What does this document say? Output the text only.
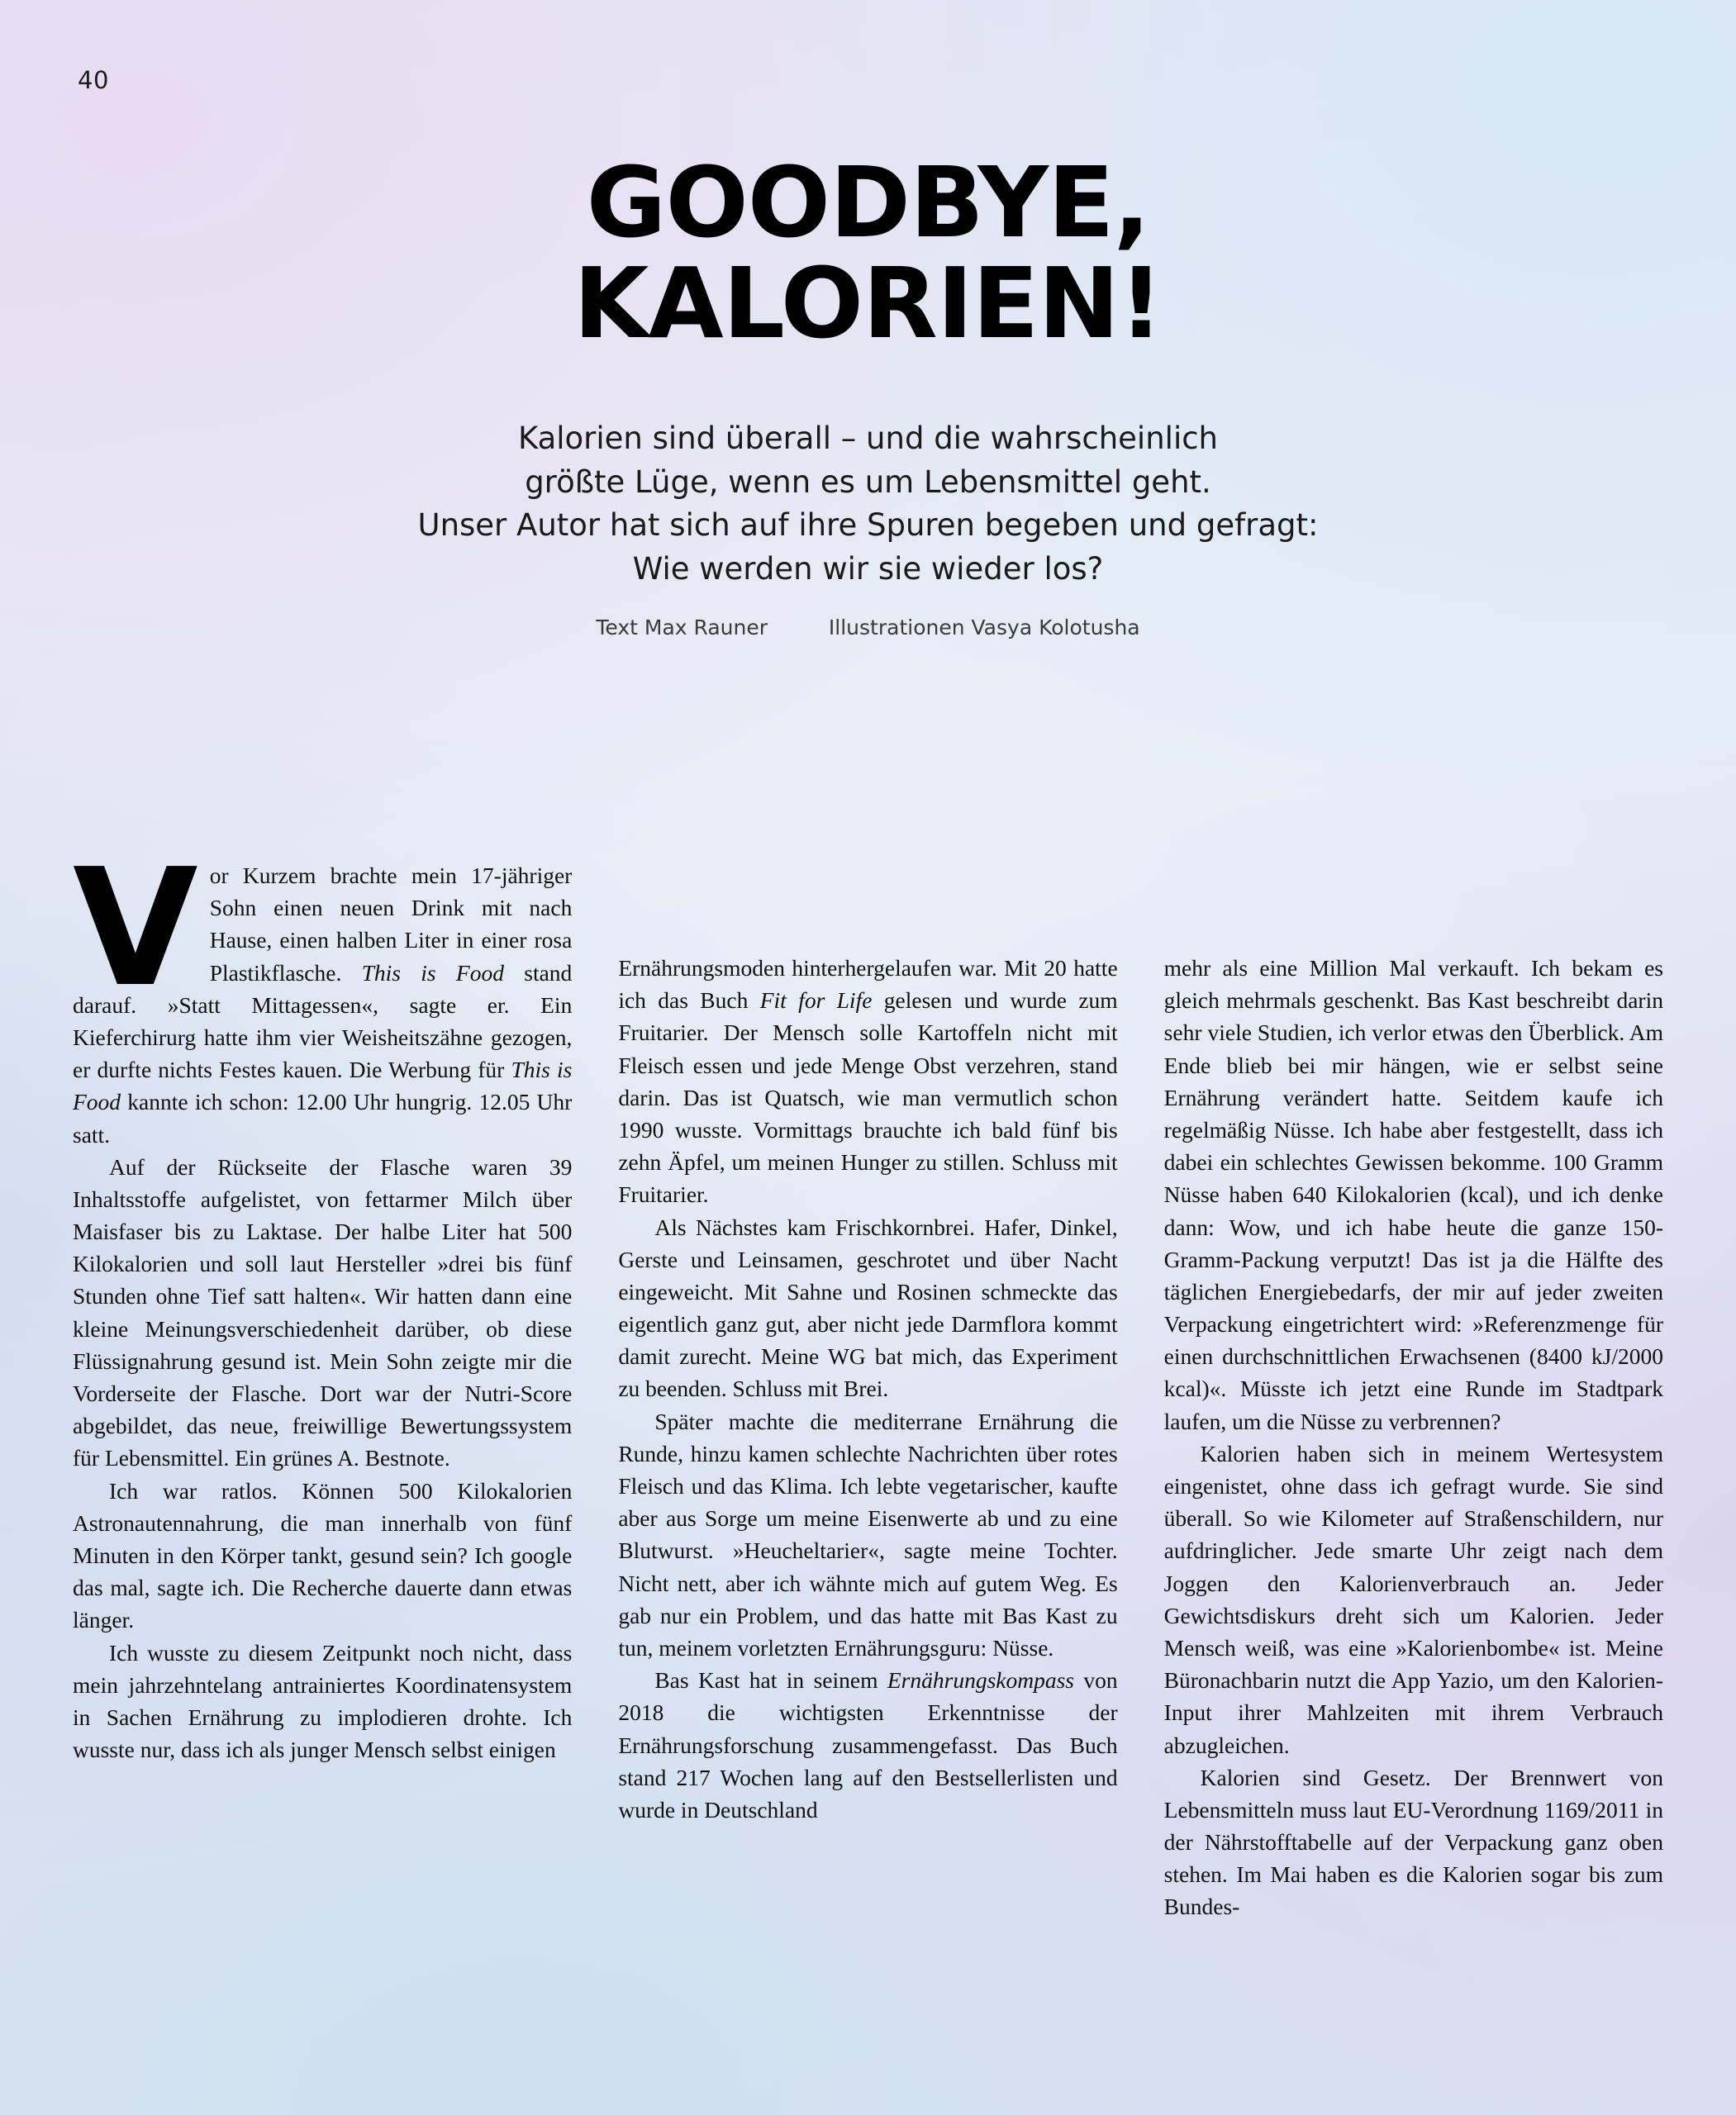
40
GOODBYE,
KALORIEN!
Kalorien sind überall – und die wahrscheinlich
größte Lüge, wenn es um Lebensmittel geht.
Unser Autor hat sich auf ihre Spuren begeben und gefragt:
Wie werden wir sie wieder los?
Text Max Rauner	Illustrationen Vasya Kolotusha
V or Kurzem brachte mein 17-jähriger Sohn einen neuen Drink mit nach Hause, einen halben Liter in einer rosa Plastikflasche. This is Food stand darauf. »Statt Mittagessen«, sagte er. Ein Kieferchirurg hatte ihm vier Weisheitszähne gezogen, er durfte nichts Festes kauen. Die Werbung für This is Food kannte ich schon: 12.00 Uhr hungrig. 12.05 Uhr satt.

Auf der Rückseite der Flasche waren 39 Inhaltsstoffe aufgelistet, von fettarmer Milch über Maisfaser bis zu Laktase. Der halbe Liter hat 500 Kilokalorien und soll laut Hersteller »drei bis fünf Stunden ohne Tief satt halten«. Wir hatten dann eine kleine Meinungsverschiedenheit darüber, ob diese Flüssignahrung gesund ist. Mein Sohn zeigte mir die Vorderseite der Flasche. Dort war der Nutri-Score abgebildet, das neue, freiwillige Bewertungssystem für Lebensmittel. Ein grünes A. Bestnote.

Ich war ratlos. Können 500 Kilokalorien Astronautennahrung, die man innerhalb von fünf Minuten in den Körper tankt, gesund sein? Ich google das mal, sagte ich. Die Recherche dauerte dann etwas länger.

Ich wusste zu diesem Zeitpunkt noch nicht, dass mein jahrzehntelang antrainiertes Koordinatensystem in Sachen Ernährung zu implodieren drohte. Ich wusste nur, dass ich als junger Mensch selbst einigen

Ernährungsmoden hinterhergelaufen war. Mit 20 hatte ich das Buch Fit for Life gelesen und wurde zum Fruitarier. Der Mensch solle Kartoffeln nicht mit Fleisch essen und jede Menge Obst verzehren, stand darin. Das ist Quatsch, wie man vermutlich schon 1990 wusste. Vormittags brauchte ich bald fünf bis zehn Äpfel, um meinen Hunger zu stillen. Schluss mit Fruitarier.

Als Nächstes kam Frischkornbrei. Hafer, Dinkel, Gerste und Leinsamen, geschrotet und über Nacht eingeweicht. Mit Sahne und Rosinen schmeckte das eigentlich ganz gut, aber nicht jede Darmflora kommt damit zurecht. Meine WG bat mich, das Experiment zu beenden. Schluss mit Brei.

Später machte die mediterrane Ernährung die Runde, hinzu kamen schlechte Nachrichten über rotes Fleisch und das Klima. Ich lebte vegetarischer, kaufte aber aus Sorge um meine Eisenwerte ab und zu eine Blutwurst. »Heucheltarier«, sagte meine Tochter. Nicht nett, aber ich wähnte mich auf gutem Weg. Es gab nur ein Problem, und das hatte mit Bas Kast zu tun, meinem vorletzten Ernährungsguru: Nüsse.

Bas Kast hat in seinem Ernährungskompass von 2018 die wichtigsten Erkenntnisse der Ernährungsforschung zusammengefasst. Das Buch stand 217 Wochen lang auf den Bestsellerlisten und wurde in Deutschland

mehr als eine Million Mal verkauft. Ich bekam es gleich mehrmals geschenkt. Bas Kast beschreibt darin sehr viele Studien, ich verlor etwas den Überblick. Am Ende blieb bei mir hängen, wie er selbst seine Ernährung verändert hatte. Seitdem kaufe ich regelmäßig Nüsse. Ich habe aber festgestellt, dass ich dabei ein schlechtes Gewissen bekomme. 100 Gramm Nüsse haben 640 Kilokalorien (kcal), und ich denke dann: Wow, und ich habe heute die ganze 150-Gramm-Packung verputzt! Das ist ja die Hälfte des täglichen Energiebedarfs, der mir auf jeder zweiten Verpackung eingetrichtert wird: »Referenzmenge für einen durchschnittlichen Erwachsenen (8400 kJ/2000 kcal)«. Müsste ich jetzt eine Runde im Stadtpark laufen, um die Nüsse zu verbrennen?

Kalorien haben sich in meinem Wertesystem eingenistet, ohne dass ich gefragt wurde. Sie sind überall. So wie Kilometer auf Straßenschildern, nur aufdringlicher. Jede smarte Uhr zeigt nach dem Joggen den Kalorienverbrauch an. Jeder Gewichtsdiskurs dreht sich um Kalorien. Jeder Mensch weiß, was eine »Kalorienbombe« ist. Meine Büronachbarin nutzt die App Yazio, um den Kalorien-Input ihrer Mahlzeiten mit ihrem Verbrauch abzugleichen.

Kalorien sind Gesetz. Der Brennwert von Lebensmitteln muss laut EU-Verordnung 1169/2011 in der Nährstofftabelle auf der Verpackung ganz oben stehen. Im Mai haben es die Kalorien sogar bis zum Bundes-
